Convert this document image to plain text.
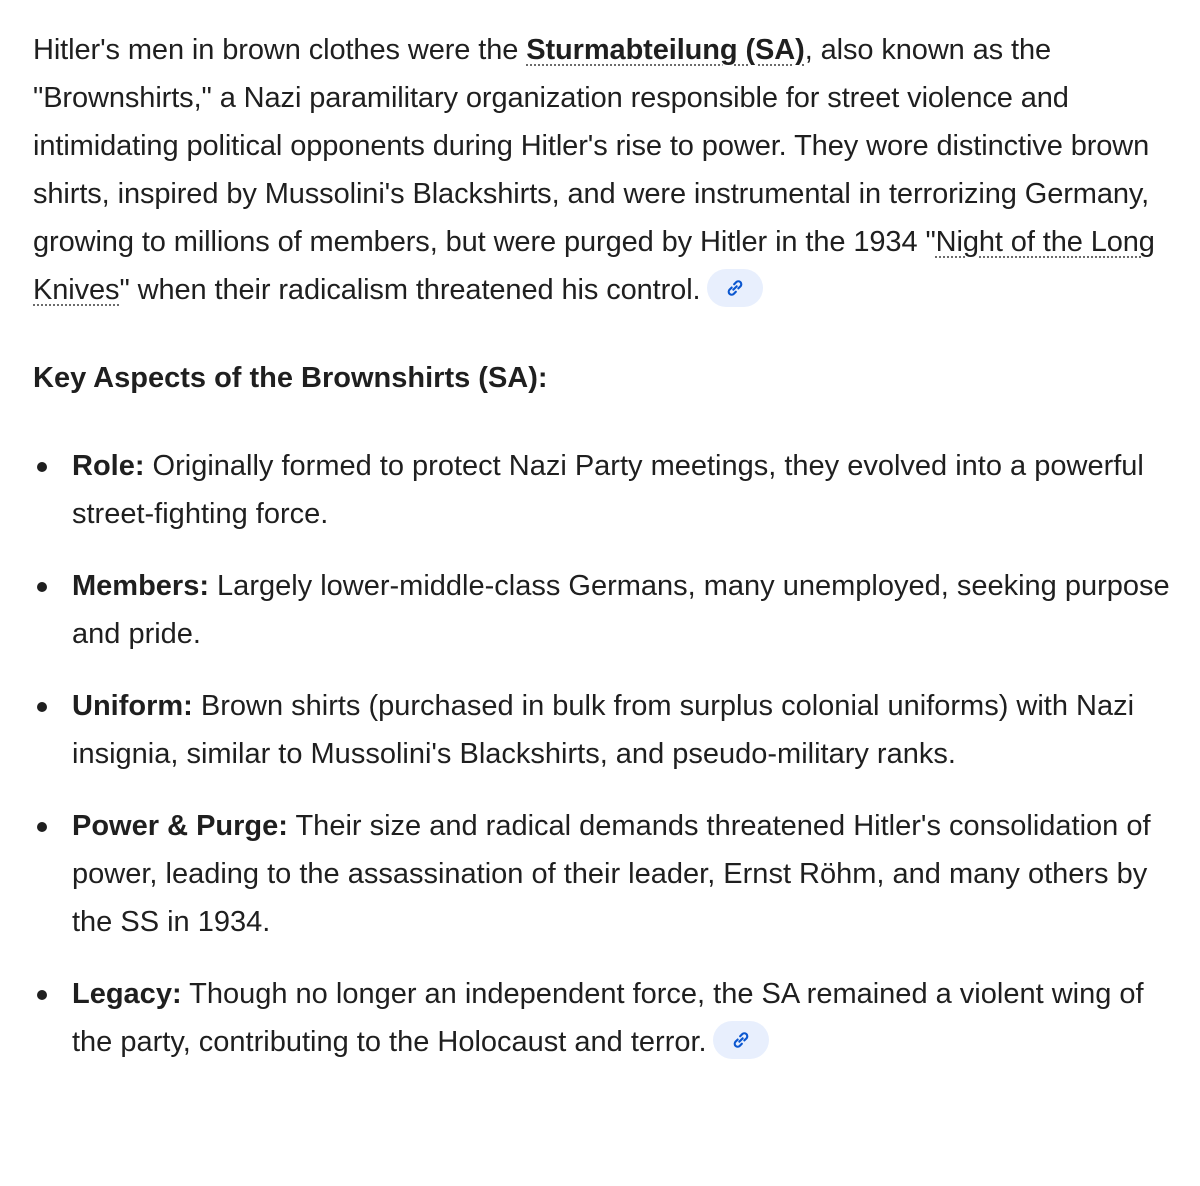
Hitler's men in brown clothes were the Sturmabteilung (SA), also known as the "Brownshirts," a Nazi paramilitary organization responsible for street violence and intimidating political opponents during Hitler's rise to power. They wore distinctive brown shirts, inspired by Mussolini's Blackshirts, and were instrumental in terrorizing Germany, growing to millions of members, but were purged by Hitler in the 1934 "Night of the Long Knives" when their radicalism threatened his control.

Key Aspects of the Brownshirts (SA):

Role: Originally formed to protect Nazi Party meetings, they evolved into a powerful street-fighting force.
Members: Largely lower-middle-class Germans, many unemployed, seeking purpose and pride.
Uniform: Brown shirts (purchased in bulk from surplus colonial uniforms) with Nazi insignia, similar to Mussolini's Blackshirts, and pseudo-military ranks.
Power & Purge: Their size and radical demands threatened Hitler's consolidation of power, leading to the assassination of their leader, Ernst Röhm, and many others by the SS in 1934.
Legacy: Though no longer an independent force, the SA remained a violent wing of the party, contributing to the Holocaust and terror.
